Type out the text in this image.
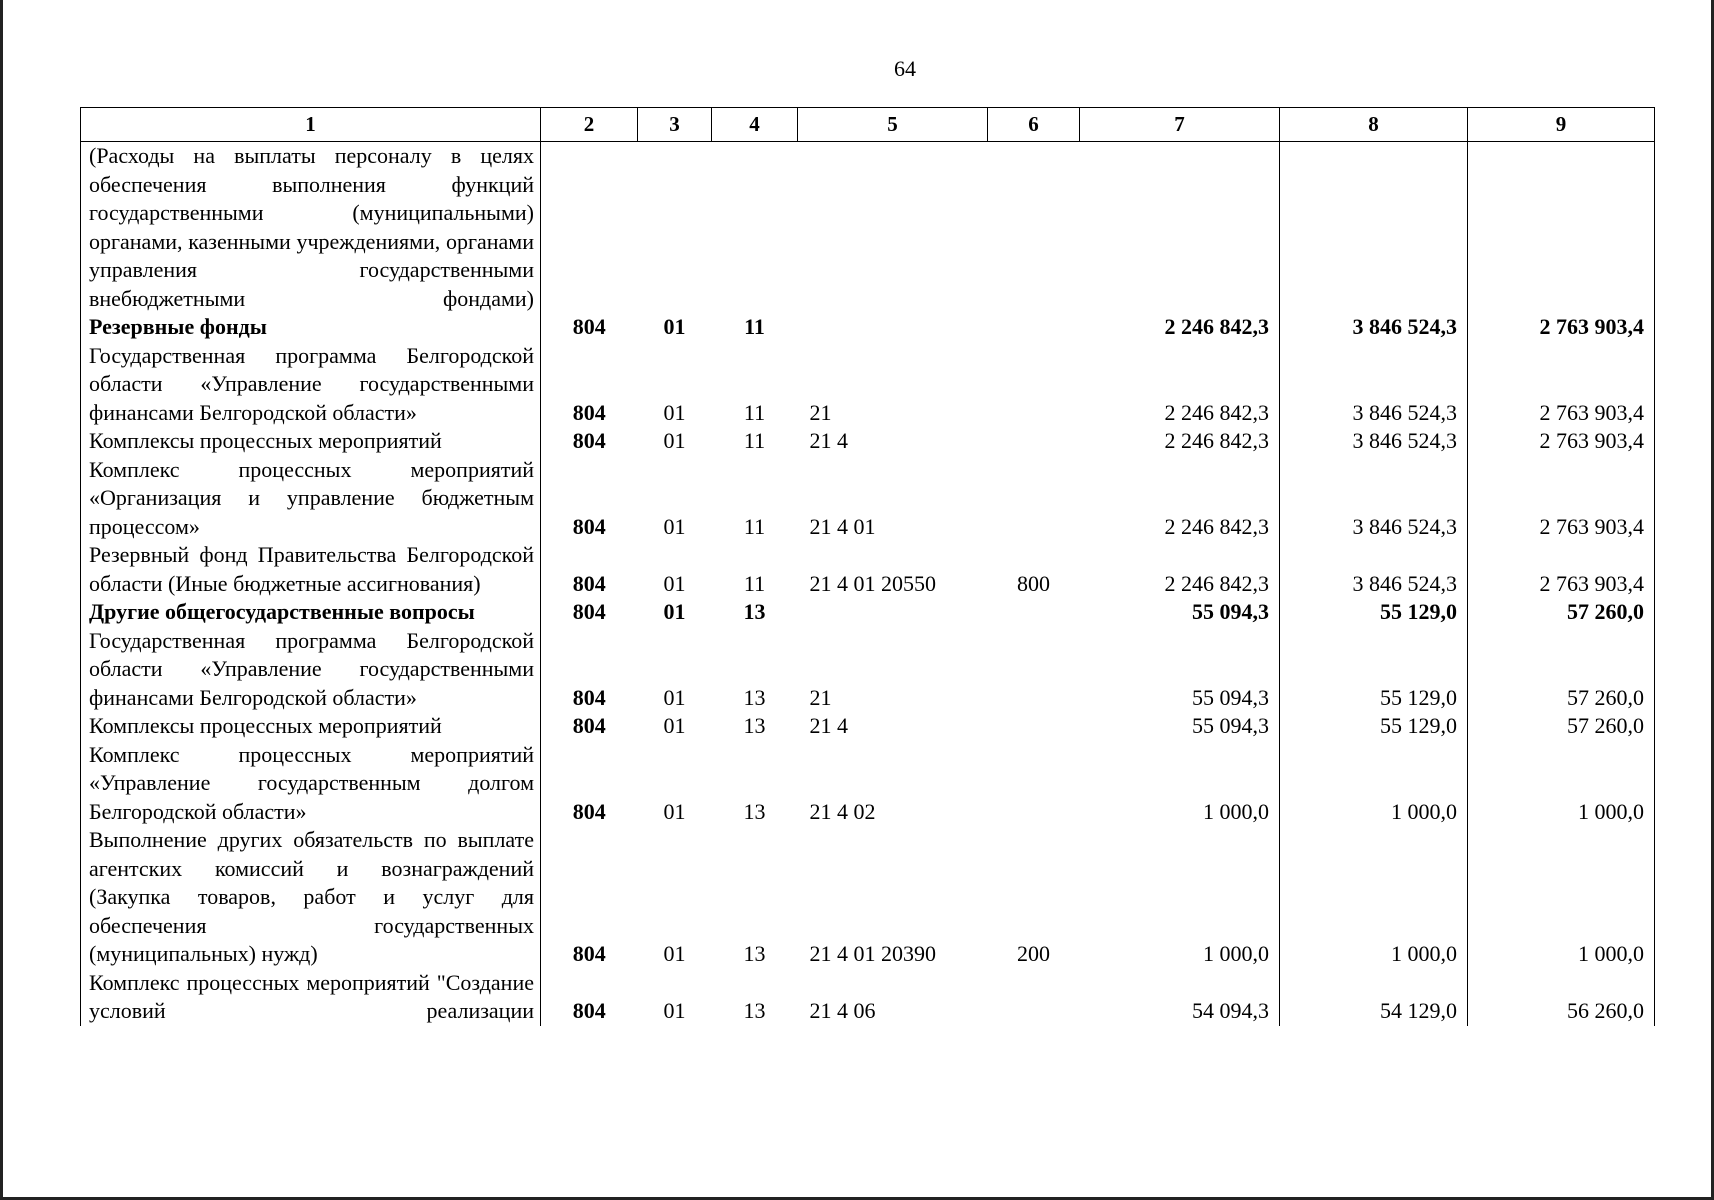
64
1	2	3	4	5	6	7	8	9
(Расходы на выплаты персоналу в целях обеспечения выполнения функций государственными (муниципальными) органами, казенными учреждениями, органами управления государственными внебюджетными фондами)								
Резервные фонды	804	01	11			2 246 842,3	3 846 524,3	2 763 903,4
Государственная программа Белгородской области «Управление государственными финансами Белгородской области»	804	01	11	21		2 246 842,3	3 846 524,3	2 763 903,4
Комплексы процессных мероприятий	804	01	11	21 4		2 246 842,3	3 846 524,3	2 763 903,4
Комплекс процессных мероприятий «Организация и управление бюджетным процессом»	804	01	11	21 4 01		2 246 842,3	3 846 524,3	2 763 903,4
Резервный фонд Правительства Белгородской области (Иные бюджетные ассигнования)	804	01	11	21 4 01 20550	800	2 246 842,3	3 846 524,3	2 763 903,4
Другие общегосударственные вопросы	804	01	13			55 094,3	55 129,0	57 260,0
Государственная программа Белгородской области «Управление государственными финансами Белгородской области»	804	01	13	21		55 094,3	55 129,0	57 260,0
Комплексы процессных мероприятий	804	01	13	21 4		55 094,3	55 129,0	57 260,0
Комплекс процессных мероприятий «Управление государственным долгом Белгородской области»	804	01	13	21 4 02		1 000,0	1 000,0	1 000,0
Выполнение других обязательств по выплате агентских комиссий и вознаграждений (Закупка товаров, работ и услуг для обеспечения государственных (муниципальных) нужд)	804	01	13	21 4 01 20390	200	1 000,0	1 000,0	1 000,0
Комплекс процессных мероприятий "Создание условий реализации	804	01	13	21 4 06		54 094,3	54 129,0	56 260,0
